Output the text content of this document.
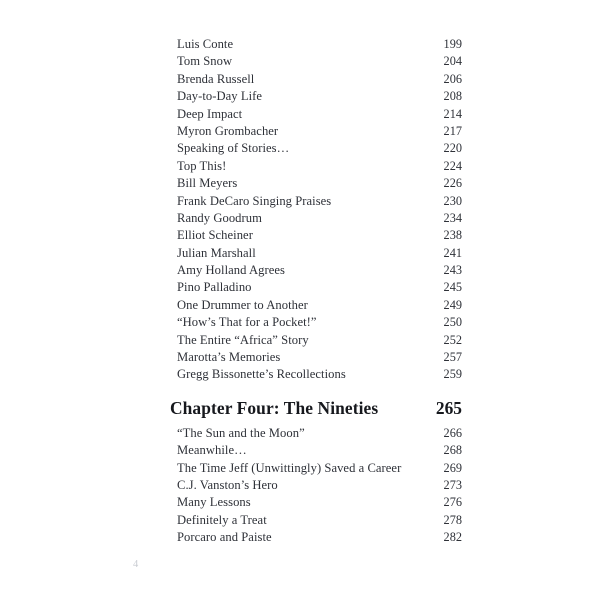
Luis Conte	199
Tom Snow	204
Brenda Russell	206
Day-to-Day Life	208
Deep Impact	214
Myron Grombacher	217
Speaking of Stories…	220
Top This!	224
Bill Meyers	226
Frank DeCaro Singing Praises	230
Randy Goodrum	234
Elliot Scheiner	238
Julian Marshall	241
Amy Holland Agrees	243
Pino Palladino	245
One Drummer to Another	249
“How’s That for a Pocket!”	250
The Entire “Africa” Story	252
Marotta’s Memories	257
Gregg Bissonette’s Recollections	259
Chapter Four: The Nineties	265
“The Sun and the Moon”	266
Meanwhile…	268
The Time Jeff (Unwittingly) Saved a Career	269
C.J. Vanston’s Hero	273
Many Lessons	276
Definitely a Treat	278
Porcaro and Paiste	282
4
